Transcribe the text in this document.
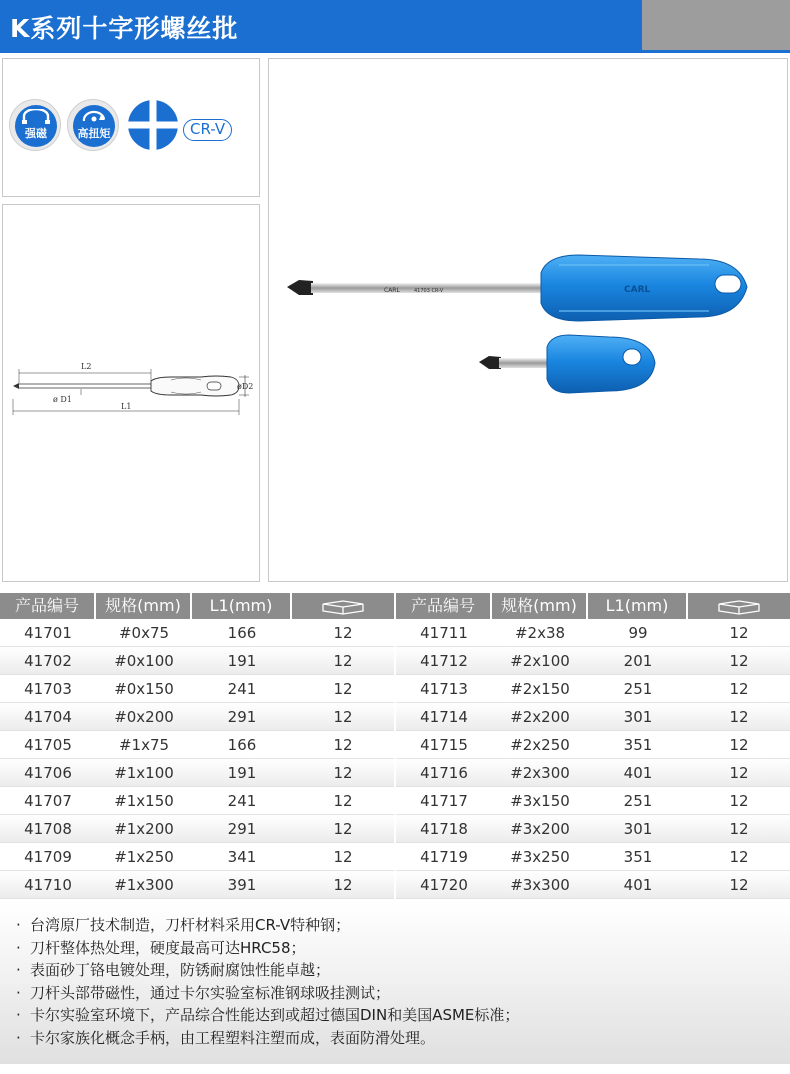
K系列十字形螺丝批
强磁	高扭矩	CR-V
L2
ø D1
øD2
L1
CARL	41703 CR-V	CARL
产品编号	规格(mm)	L1(mm)
41701	#0x75	166	12
41702	#0x100	191	12
41703	#0x150	241	12
41704	#0x200	291	12
41705	#1x75	166	12
41706	#1x100	191	12
41707	#1x150	241	12
41708	#1x200	291	12
41709	#1x250	341	12
41710	#1x300	391	12
产品编号	规格(mm)	L1(mm)
41711	#2x38	99	12
41712	#2x100	201	12
41713	#2x150	251	12
41714	#2x200	301	12
41715	#2x250	351	12
41716	#2x300	401	12
41717	#3x150	251	12
41718	#3x200	301	12
41719	#3x250	351	12
41720	#3x300	401	12
· 台湾原厂技术制造，刀杆材料采用CR-V特种钢；
· 刀杆整体热处理，硬度最高可达HRC58；
· 表面砂丁铬电镀处理，防锈耐腐蚀性能卓越；
· 刀杆头部带磁性，通过卡尔实验室标准钢球吸挂测试；
· 卡尔实验室环境下，产品综合性能达到或超过德国DIN和美国ASME标准；
· 卡尔家族化概念手柄，由工程塑料注塑而成，表面防滑处理。
